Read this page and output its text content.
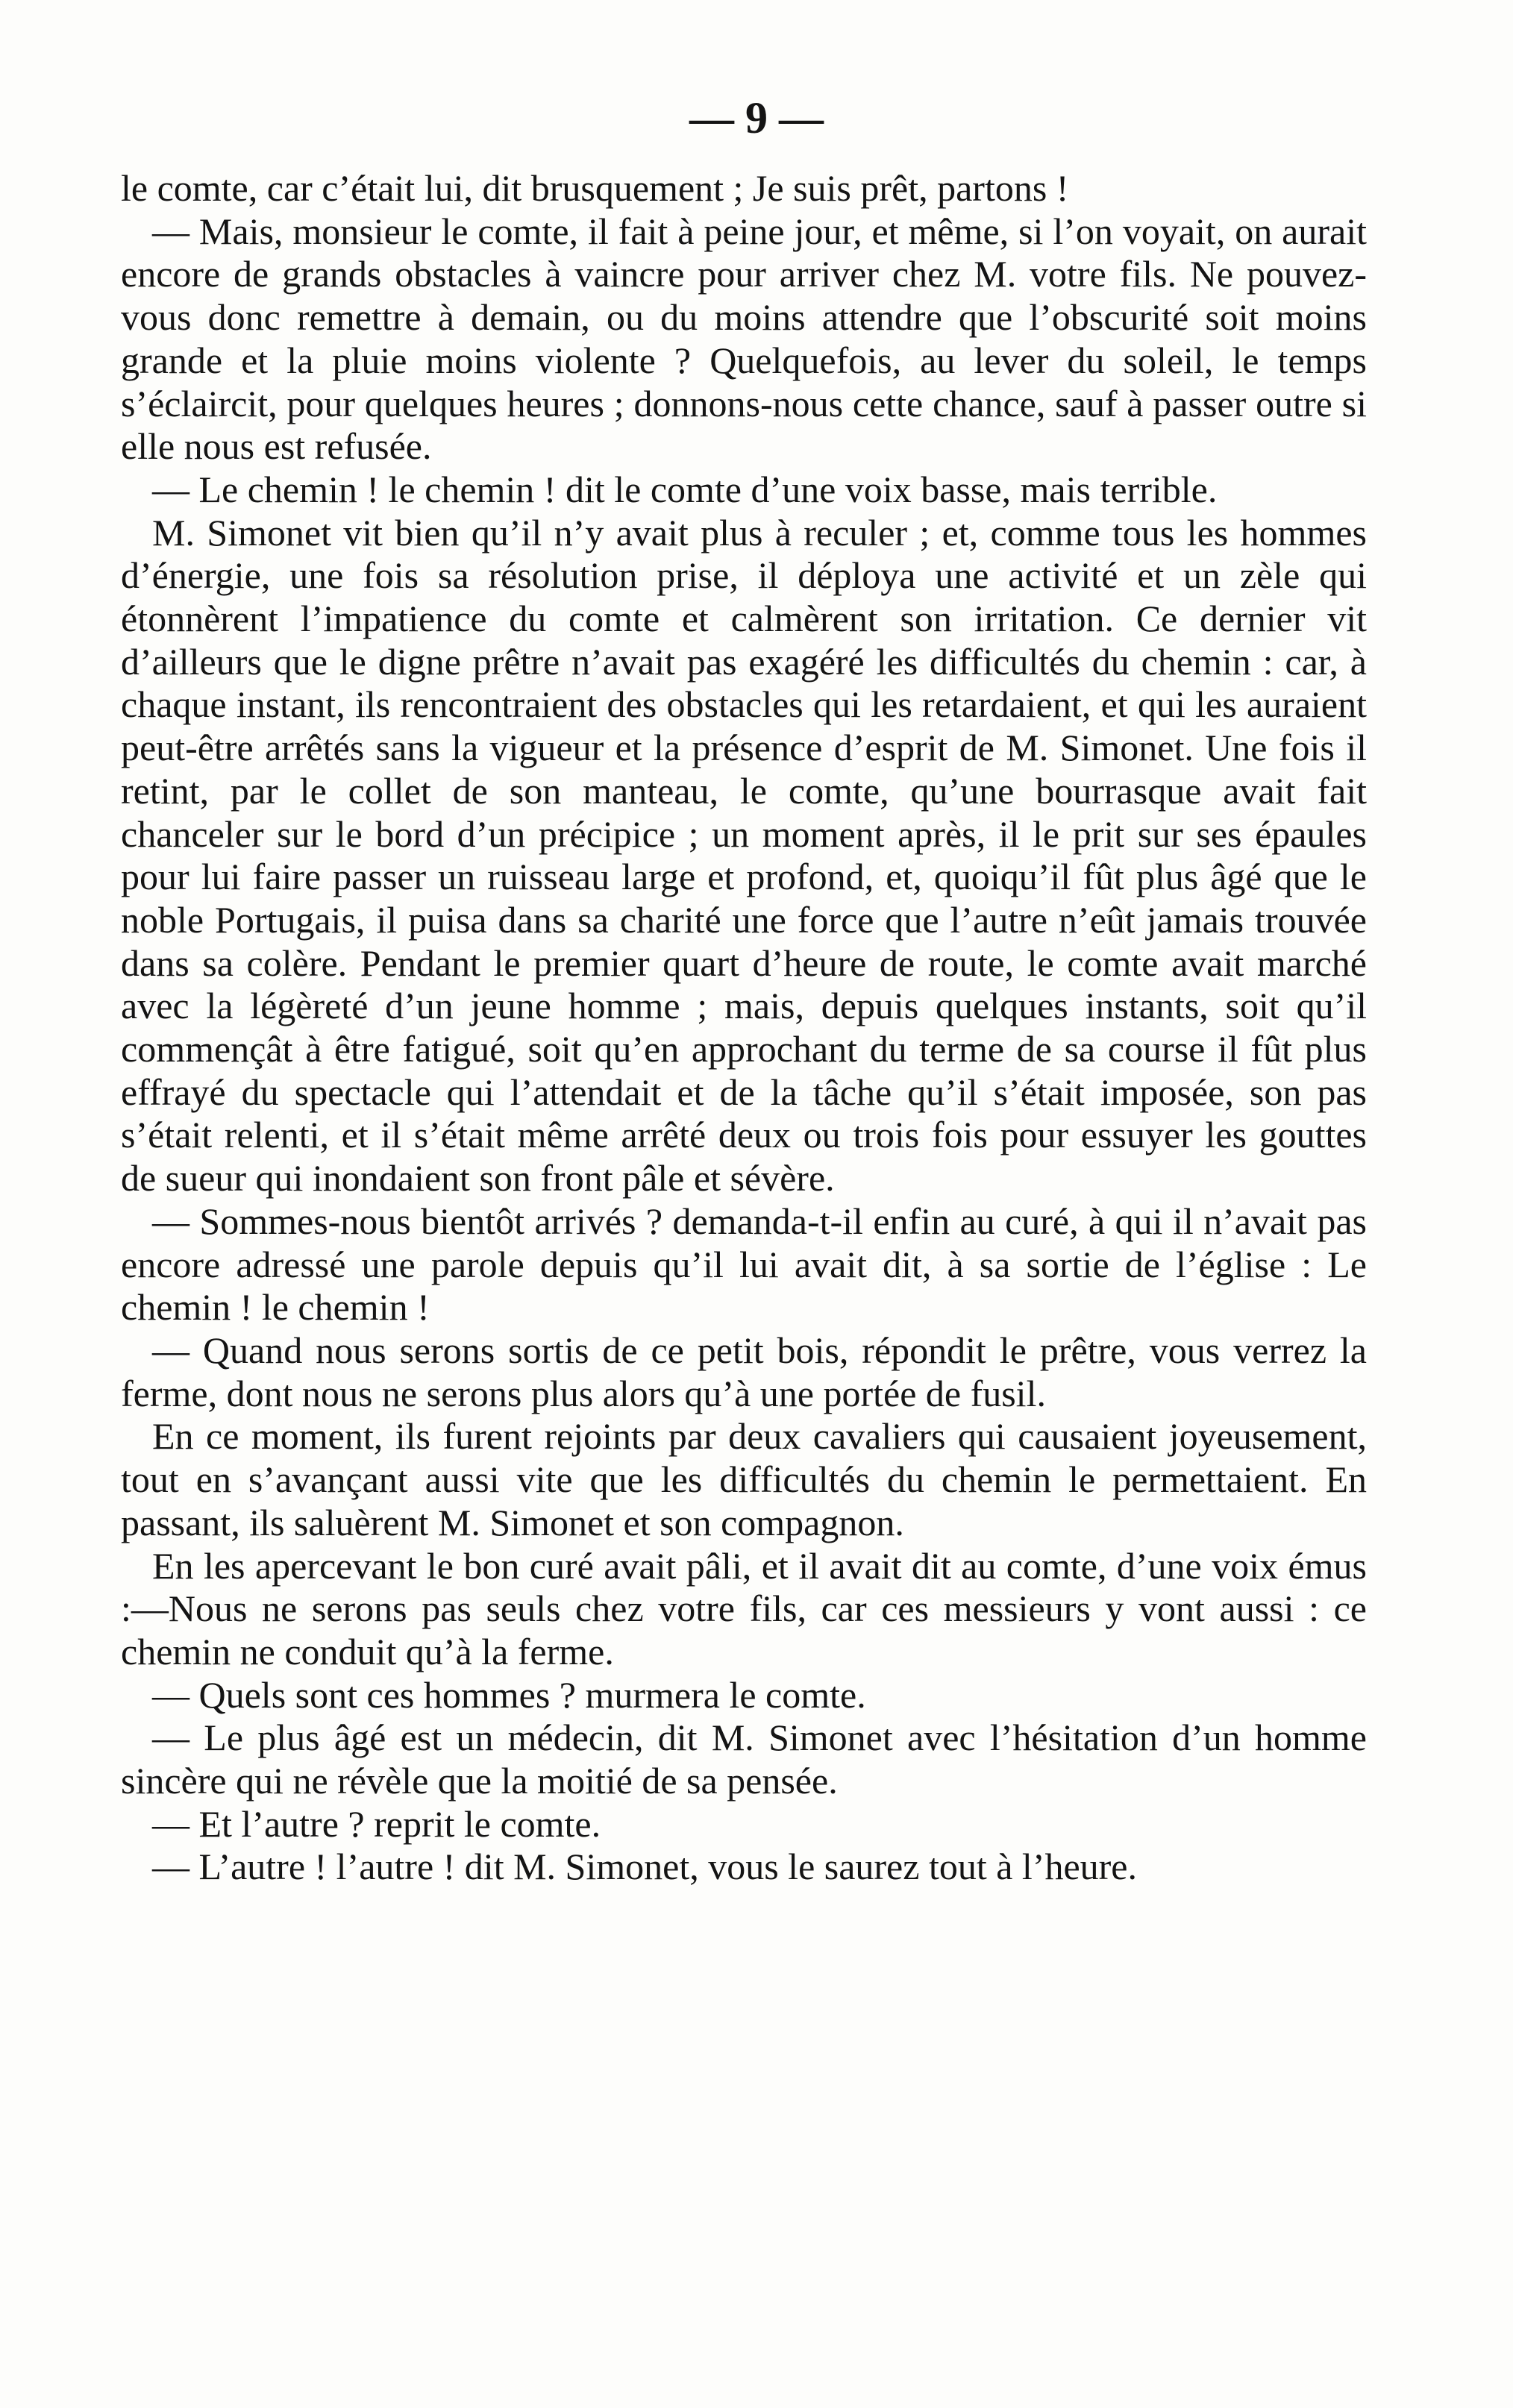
— 9 —

le comte, car c’était lui, dit brusquement ; Je suis prêt, partons !

— Mais, monsieur le comte, il fait à peine jour, et même, si l’on voyait, on aurait encore de grands obstacles à vaincre pour arriver chez M. votre fils. Ne pouvez-vous donc remettre à demain, ou du moins attendre que l’obscurité soit moins grande et la pluie moins violente ? Quelquefois, au lever du soleil, le temps s’éclaircit, pour quelques heures ; donnons-nous cette chance, sauf à passer outre si elle nous est refusée.

— Le chemin ! le chemin ! dit le comte d’une voix basse, mais terrible.

M. Simonet vit bien qu’il n’y avait plus à reculer ; et, comme tous les hommes d’énergie, une fois sa résolution prise, il déploya une activité et un zèle qui étonnèrent l’impatience du comte et calmèrent son irritation. Ce dernier vit d’ailleurs que le digne prêtre n’avait pas exagéré les difficultés du chemin : car, à chaque instant, ils rencontraient des obstacles qui les retardaient, et qui les auraient peut-être arrêtés sans la vigueur et la présence d’esprit de M. Simonet. Une fois il retint, par le collet de son manteau, le comte, qu’une bourrasque avait fait chanceler sur le bord d’un précipice ; un moment après, il le prit sur ses épaules pour lui faire passer un ruisseau large et profond, et, quoiqu’il fût plus âgé que le noble Portugais, il puisa dans sa charité une force que l’autre n’eût jamais trouvée dans sa colère. Pendant le premier quart d’heure de route, le comte avait marché avec la légèreté d’un jeune homme ; mais, depuis quelques instants, soit qu’il commençât à être fatigué, soit qu’en approchant du terme de sa course il fût plus effrayé du spectacle qui l’attendait et de la tâche qu’il s’était imposée, son pas s’était relenti, et il s’était même arrêté deux ou trois fois pour essuyer les gouttes de sueur qui inondaient son front pâle et sévère.

— Sommes-nous bientôt arrivés ? demanda-t-il enfin au curé, à qui il n’avait pas encore adressé une parole depuis qu’il lui avait dit, à sa sortie de l’église : Le chemin ! le chemin !

— Quand nous serons sortis de ce petit bois, répondit le prêtre, vous verrez la ferme, dont nous ne serons plus alors qu’à une portée de fusil.

En ce moment, ils furent rejoints par deux cavaliers qui causaient joyeusement, tout en s’avançant aussi vite que les difficultés du chemin le permettaient. En passant, ils saluèrent M. Simonet et son compagnon.

En les apercevant le bon curé avait pâli, et il avait dit au comte, d’une voix émus :—Nous ne serons pas seuls chez votre fils, car ces messieurs y vont aussi : ce chemin ne conduit qu’à la ferme.

— Quels sont ces hommes ? murmera le comte.

— Le plus âgé est un médecin, dit M. Simonet avec l’hésitation d’un homme sincère qui ne révèle que la moitié de sa pensée.

— Et l’autre ? reprit le comte.

— L’autre ! l’autre ! dit M. Simonet, vous le saurez tout à l’heure.
